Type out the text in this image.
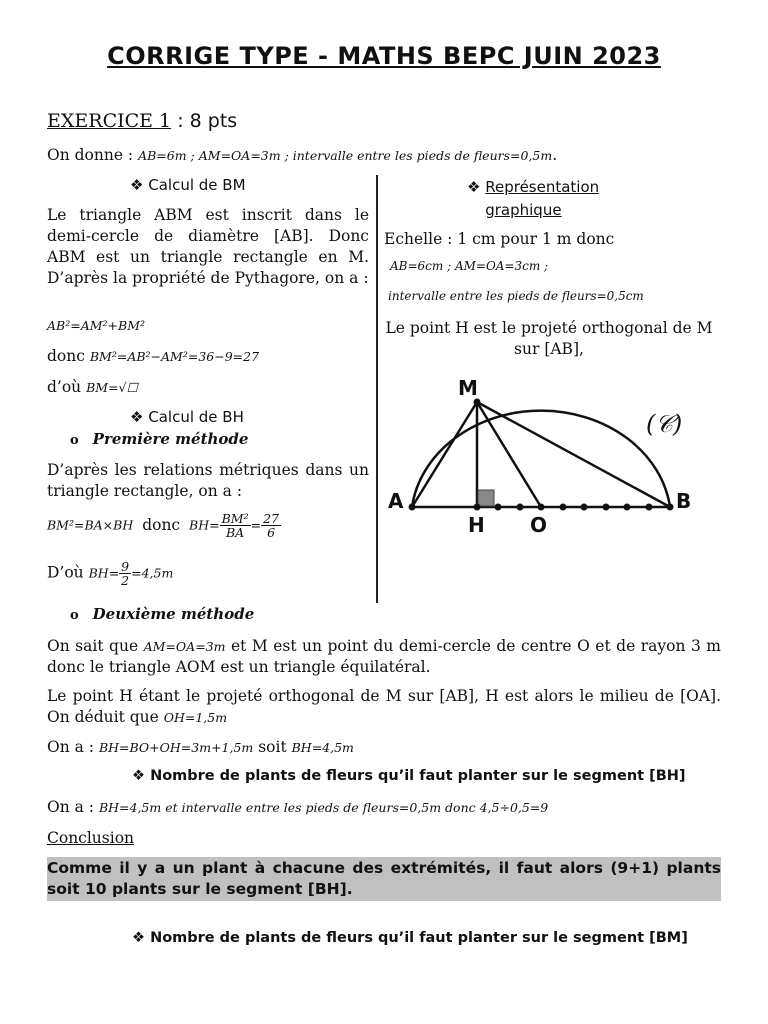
CORRIGE TYPE - MATHS BEPC JUIN 2023
EXERCICE 1 : 8 pts
On donne : AB=6m ; AM=OA=3m ; intervalle entre les pieds de fleurs=0,5m.
❖ Calcul de BM
Le triangle ABM est inscrit dans le demi-cercle de diamètre [AB]. Donc ABM est un triangle rectangle en M. D’après la propriété de Pythagore, on a :
AB²=AM²+BM²
donc BM²=AB²−AM²=36−9=27
d’où BM=√☐
❖ Calcul de BH
o Première méthode
D’après les relations métriques dans un triangle rectangle, on a :
BM²=BA×BH donc $BH= \frac{\text{BM²}}{BA} = \frac{27}{6}$
D’où $BH= \frac{9}{2} =4,5m$
❖ Représentation graphique
Echelle : 1 cm pour 1 m donc
AB=6cm ; AM=OA=3cm ;
intervalle entre les pieds de fleurs=0,5cm
Le point H est le projeté orthogonal de M sur [AB],
M
A	B
H O
(𝒞)
o Deuxième méthode
On sait que AM=OA=3m et M est un point du demi-cercle de centre O et de rayon 3 m donc le triangle AOM est un triangle équilatéral.
Le point H étant le projeté orthogonal de M sur [AB], H est alors le milieu de [OA]. On déduit que OH=1,5m
On a : BH=BO+OH=3m+1,5m soit BH=4,5m
❖ Nombre de plants de fleurs qu’il faut planter sur le segment [BH]
On a : BH=4,5m et intervalle entre les pieds de fleurs=0,5m donc 4,5÷0,5=9
Conclusion
Comme il y a un plant à chacune des extrémités, il faut alors (9+1) plants soit 10 plants sur le segment [BH].
❖ Nombre de plants de fleurs qu’il faut planter sur le segment [BM]
